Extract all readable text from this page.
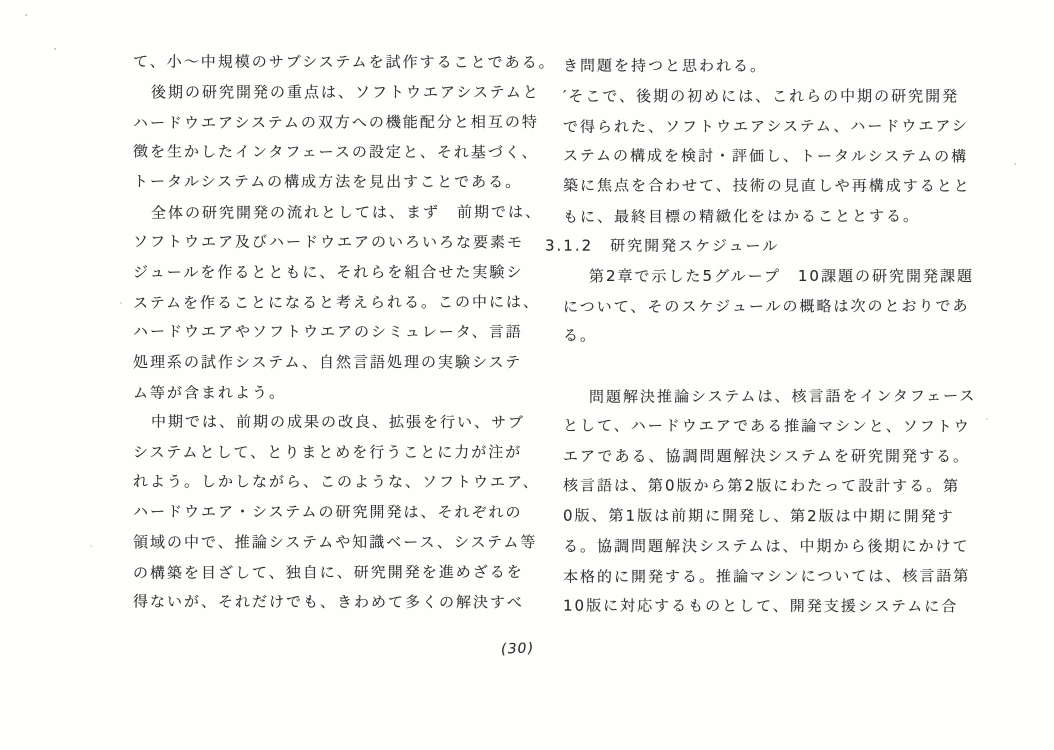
て、小〜中規模のサブシステムを試作することである。
後期の研究開発の重点は、ソフトウエアシステムと
ハードウエアシステムの双方への機能配分と相互の特
徴を生かしたインタフェースの設定と、それ基づく、
トータルシステムの構成方法を見出すことである。
全体の研究開発の流れとしては、まず　前期では、
ソフトウエア及びハードウエアのいろいろな要素モ
ジュールを作るとともに、それらを組合せた実験シ
ステムを作ることになると考えられる。この中には、
ハードウエアやソフトウエアのシミュレータ、言語
処理系の試作システム、自然言語処理の実験システ
ム等が含まれよう。
中期では、前期の成果の改良、拡張を行い、サブ
システムとして、とりまとめを行うことに力が注が
れよう。しかしながら、このような、ソフトウエア、
ハードウエア・システムの研究開発は、それぞれの
領域の中で、推論システムや知識ベース、システム等
の構築を目ざして、独自に、研究開発を進めざるを
得ないが、それだけでも、きわめて多くの解決すべ
き問題を持つと思われる。
′そこで、後期の初めには、これらの中期の研究開発
で得られた、ソフトウエアシステム、ハードウエアシ
ステムの構成を検討・評価し、トータルシステムの構
築に焦点を合わせて、技術の見直しや再構成するとと
もに、最終目標の精緻化をはかることとする。
3.1.2　研究開発スケジュール
第2章で示した5グループ　10課題の研究開発課題
について、そのスケジュールの概略は次のとおりであ
る。
問題解決推論システムは、核言語をインタフェース
として、ハードウエアである推論マシンと、ソフトウ
エアである、協調問題解決システムを研究開発する。
核言語は、第0版から第2版にわたって設計する。第
0版、第1版は前期に開発し、第2版は中期に開発す
る。協調問題解決システムは、中期から後期にかけて
本格的に開発する。推論マシンについては、核言語第
10版に対応するものとして、開発支援システムに合
(30)
